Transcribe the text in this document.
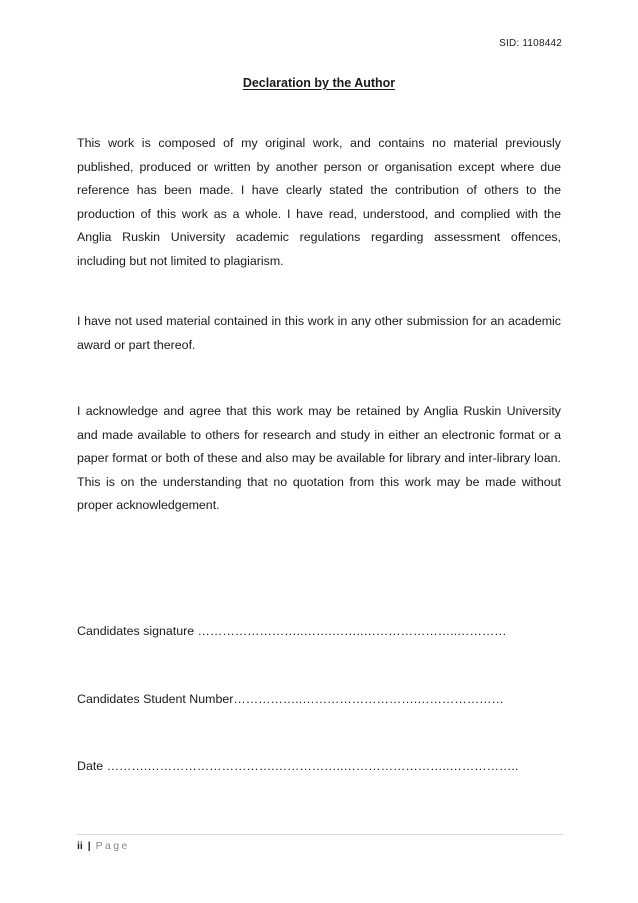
SID: 1108442
Declaration by the Author

This work is composed of my original work, and contains no material previously published, produced or written by another person or organisation except where due reference has been made. I have clearly stated the contribution of others to the production of this work as a whole. I have read, understood, and complied with the Anglia Ruskin University academic regulations regarding assessment offences, including but not limited to plagiarism.

I have not used material contained in this work in any other submission for an academic award or part thereof.

I acknowledge and agree that this work may be retained by Anglia Ruskin University and made available to others for research and study in either an electronic format or a paper format or both of these and also may be available for library and inter-library loan. This is on the understanding that no quotation from this work may be made without proper acknowledgement.

Candidates signature ……………………..…….……..…………………..…………
Candidates Student Number……………..……………………….…………………
Date ……….………………………….……………..……………………..……………..
ii | Page
